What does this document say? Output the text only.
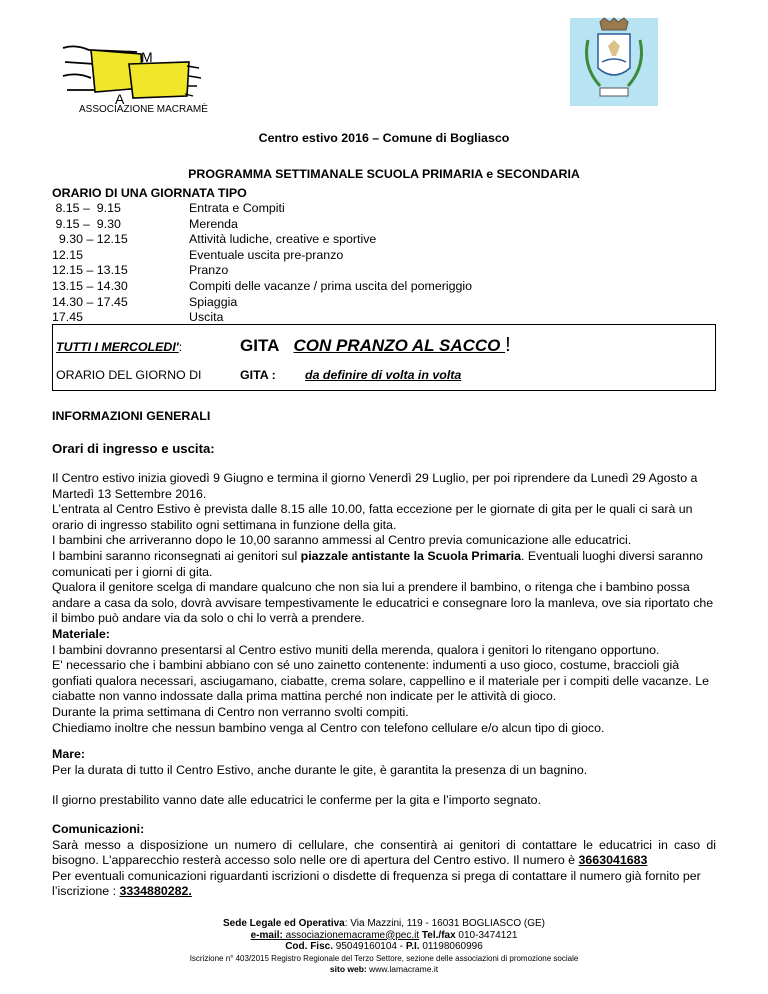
M
A
ASSOCIAZIONE MACRAMÈ
Centro estivo 2016 – Comune di Bogliasco
PROGRAMMA SETTIMANALE SCUOLA PRIMARIA e SECONDARIA
ORARIO DI UNA GIORNATA TIPO
8.15 –  9.15	Entrata e Compiti
9.15 –  9.30	Merenda
9.30 – 12.15	Attività ludiche, creative e sportive
12.15	Eventuale uscita pre-pranzo
12.15 – 13.15	Pranzo
13.15 – 14.30	Compiti delle vacanze / prima uscita del pomeriggio
14.30 – 17.45	Spiaggia
17.45	Uscita
TUTTI I MERCOLEDI':	GITA CON PRANZO AL SACCO !
ORARIO DEL GIORNO DI	GITA : da definire di volta in volta
INFORMAZIONI GENERALI
Orari di ingresso e uscita:

Il Centro estivo inizia giovedì 9 Giugno e termina il giorno Venerdì 29 Luglio, per poi riprendere da Lunedì 29 Agosto a Martedì 13 Settembre 2016.

L’entrata al Centro Estivo è prevista dalle 8.15 alle 10.00, fatta eccezione per le giornate di gita per le quali ci sarà un orario di ingresso stabilito ogni settimana in funzione della gita.

I bambini che arriveranno dopo le 10,00 saranno ammessi al Centro previa comunicazione alle educatrici.

I bambini saranno riconsegnati ai genitori sul piazzale antistante la Scuola Primaria. Eventuali luoghi diversi saranno comunicati per i giorni di gita.

Qualora il genitore scelga di mandare qualcuno che non sia lui a prendere il bambino, o ritenga che i bambino possa andare a casa da solo, dovrà avvisare tempestivamente le educatrici e consegnare loro la manleva, ove sia riportato che il bimbo può andare via da solo o chi lo verrà a prendere.

Materiale:

I bambini dovranno presentarsi al Centro estivo muniti della merenda, qualora i genitori lo ritengano opportuno.

E' necessario che i bambini abbiano con sé uno zainetto contenente: indumenti a uso gioco, costume, braccioli già gonfiati qualora necessari, asciugamano, ciabatte, crema solare, cappellino e il materiale per i compiti delle vacanze. Le ciabatte non vanno indossate dalla prima mattina perché non indicate per le attività di gioco.

Durante la prima settimana di Centro non verranno svolti compiti.

Chiediamo inoltre che nessun bambino venga al Centro con telefono cellulare e/o alcun tipo di gioco.

Mare:

Per la durata di tutto il Centro Estivo, anche durante le gite, è garantita la presenza di un bagnino.

Il giorno prestabilito vanno date alle educatrici le conferme per la gita e l’importo segnato.

Comunicazioni:

Sarà messo a disposizione un numero di cellulare, che consentirà ai genitori di contattare le educatrici in caso di bisogno. L'apparecchio resterà accesso solo nelle ore di apertura del Centro estivo. Il numero è 3663041683

Per eventuali comunicazioni riguardanti iscrizioni o disdette di frequenza si prega di contattare il numero già fornito per l’iscrizione : 3334880282.

Sede Legale ed Operativa: Via Mazzini, 119 - 16031 BOGLIASCO (GE)
e-mail: associazionemacrame@pec.it Tel./fax 010-3474121
Cod. Fisc. 95049160104 - P.I. 01198060996
Iscrizione n° 403/2015 Registro Regionale del Terzo Settore, sezione delle associazioni di promozione sociale
sito web: www.lamacrame.it
